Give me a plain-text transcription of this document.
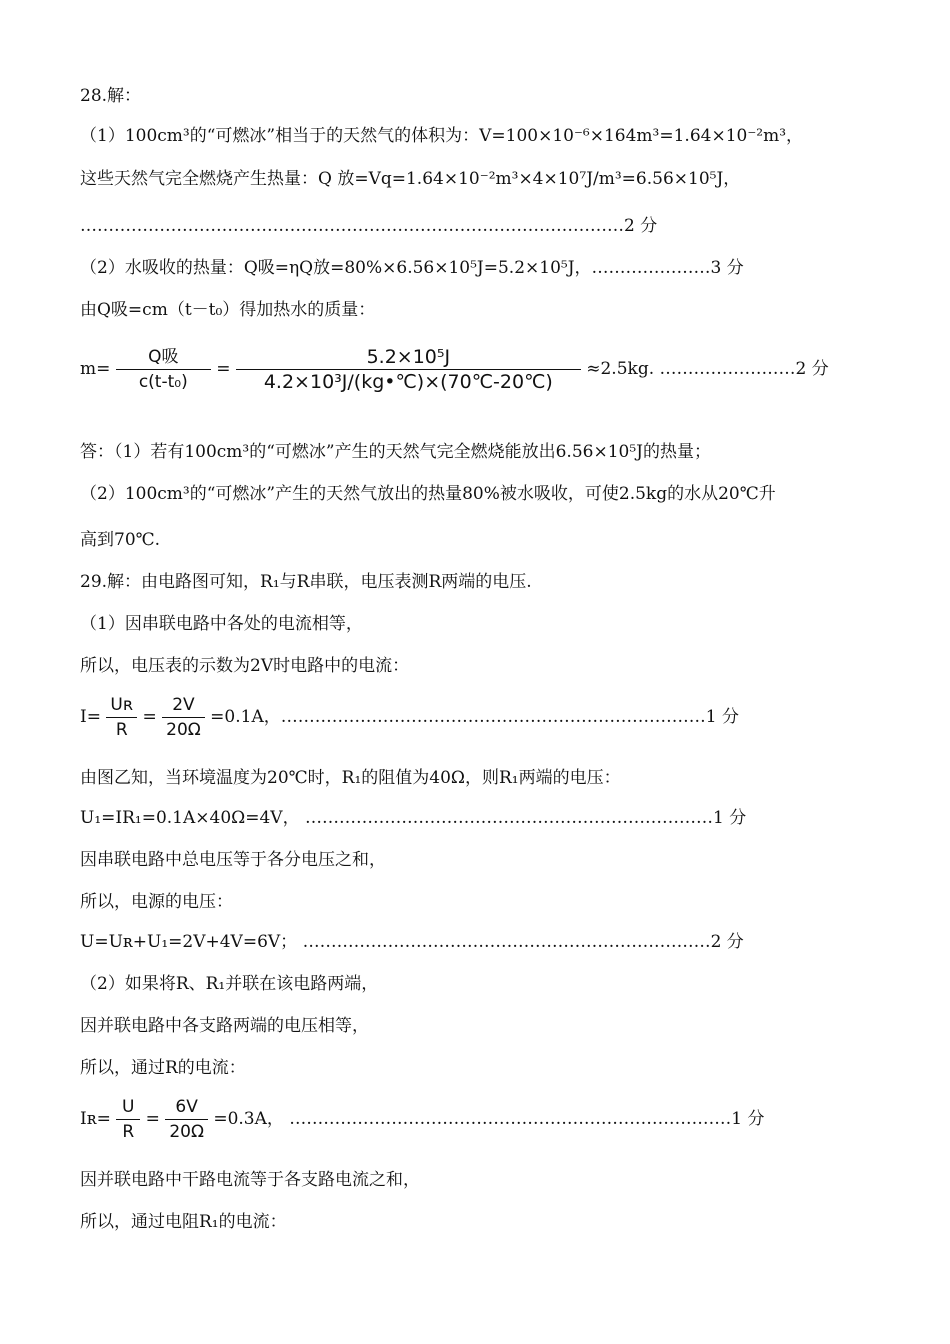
28.解：
（1）100cm³的“可燃冰”相当于的天然气的体积为：V=100×10⁻⁶×164m³=1.64×10⁻²m³，
这些天然气完全燃烧产生热量：Q 放=Vq=1.64×10⁻²m³×4×10⁷J/m³=6.56×10⁵J，
……………………………………………………………………………………2 分
（2）水吸收的热量：Q吸=ηQ放=80%×6.56×10⁵J=5.2×10⁵J，…………………3 分
由Q吸=cm（t－t₀）得加热水的质量：
$m= \frac{\text{Q吸}}{\text{c(t-t₀)}} = \frac{\text{5.2×10⁵J}}{\text{4.2×10³J/(kg•℃)×(70℃-20℃)}} \approx 2.5kg$. ……………………2 分
答：（1）若有100cm³的“可燃冰”产生的天然气完全燃烧能放出6.56×10⁵J的热量；
（2）100cm³的“可燃冰”产生的天然气放出的热量80%被水吸收，可使2.5kg的水从20℃升
高到70℃.
29.解：由电路图可知，R₁与R串联，电压表测R两端的电压.
（1）因串联电路中各处的电流相等，
所以，电压表的示数为2V时电路中的电流：
$I= \frac{\text{Uʀ}}{R} = \frac{2V}{20\Omega} =0.1A$，…………………………………………………………………1 分
由图乙知，当环境温度为20℃时，R₁的阻值为40Ω，则R₁两端的电压：
U₁=IR₁=0.1A×40Ω=4V， ………………………………………………………………1 分
因串联电路中总电压等于各分电压之和，
所以，电源的电压：
U=Uʀ+U₁=2V+4V=6V； ………………………………………………………………2 分
（2）如果将R、R₁并联在该电路两端，
因并联电路中各支路两端的电压相等，
所以，通过R的电流：
Iʀ= $\frac{U}{R} = \frac{6V}{20\Omega} =0.3A$， ……………………………………………………………………1 分
因并联电路中干路电流等于各支路电流之和，
所以，通过电阻R₁的电流：
